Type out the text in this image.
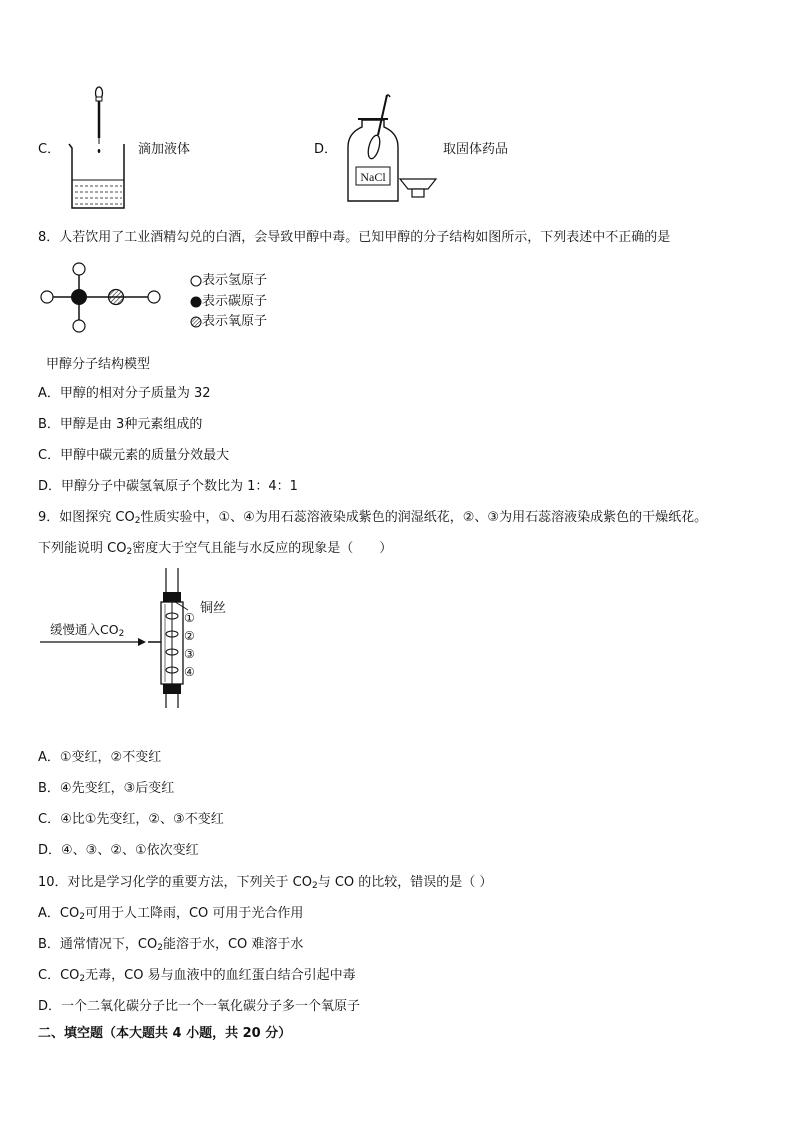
C．	滴加液体	D．
NaCl
取固体药品
8．人若饮用了工业酒精勾兑的白酒，会导致甲醇中毒。已知甲醇的分子结构如图所示，下列表述中不正确的是
表示氢原子
表示碳原子
表示氧原子
甲醇分子结构模型
A．甲醇的相对分子质量为 32
B．甲醇是由 3种元素组成的
C．甲醇中碳元素的质量分效最大
D．甲醇分子中碳氢氧原子个数比为 1：4：1
9．如图探究 $CO_2$性质实验中，①、④为用石蕊溶液染成紫色的润湿纸花，②、③为用石蕊溶液染成紫色的干燥纸花。
下列能说明 $CO_2$密度大于空气且能与水反应的现象是（　　）
缓慢通入$CO_2$
铜丝
①
②
③
④
A．①变红，②不变红
B．④先变红，③后变红
C．④比①先变红，②、③不变红
D．④、③、②、①依次变红
10．对比是学习化学的重要方法，下列关于 $CO_2$与 CO 的比较，错误的是（ ）
A．$CO_2$可用于人工降雨，CO 可用于光合作用
B．通常情况下，$CO_2$能溶于水，CO 难溶于水
C．$CO_2$无毒，CO 易与血液中的血红蛋白结合引起中毒
D．一个二氧化碳分子比一个一氧化碳分子多一个氧原子
二、填空题（本大题共 4 小题，共 20 分）
